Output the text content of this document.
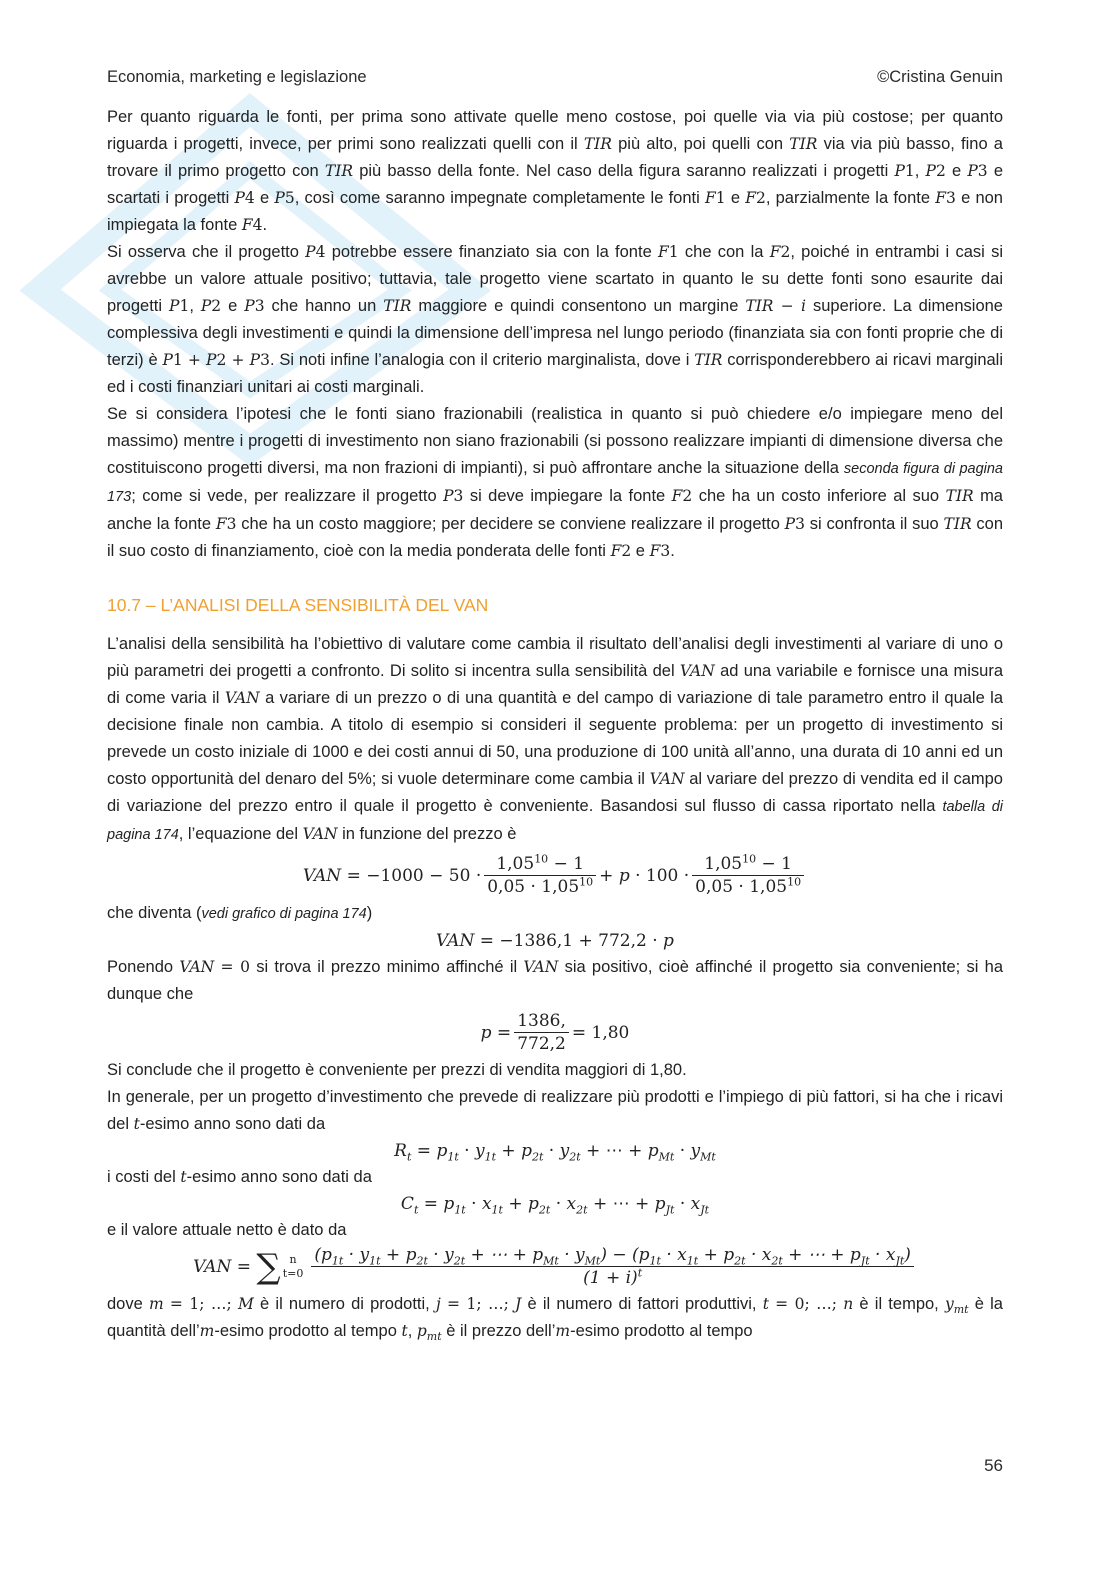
Economia, marketing e legislazione	©Cristina Genuin

Per quanto riguarda le fonti, per prima sono attivate quelle meno costose, poi quelle via via più costose; per quanto riguarda i progetti, invece, per primi sono realizzati quelli con il TIR più alto, poi quelli con TIR via via più basso, fino a trovare il primo progetto con TIR più basso della fonte. Nel caso della figura saranno realizzati i progetti P1, P2 e P3 e scartati i progetti P4 e P5, così come saranno impegnate completamente le fonti F1 e F2, parzialmente la fonte F3 e non impiegata la fonte F4.

Si osserva che il progetto P4 potrebbe essere finanziato sia con la fonte F1 che con la F2, poiché in entrambi i casi si avrebbe un valore attuale positivo; tuttavia, tale progetto viene scartato in quanto le su dette fonti sono esaurite dai progetti P1, P2 e P3 che hanno un TIR maggiore e quindi consentono un margine TIR − i superiore. La dimensione complessiva degli investimenti e quindi la dimensione dell’impresa nel lungo periodo (finanziata sia con fonti proprie che di terzi) è P1 + P2 + P3. Si noti infine l’analogia con il criterio marginalista, dove i TIR corrisponderebbero ai ricavi marginali ed i costi finanziari unitari ai costi marginali.

Se si considera l’ipotesi che le fonti siano frazionabili (realistica in quanto si può chiedere e/o impiegare meno del massimo) mentre i progetti di investimento non siano frazionabili (si possono realizzare impianti di dimensione diversa che costituiscono progetti diversi, ma non frazioni di impianti), si può affrontare anche la situazione della seconda figura di pagina 173; come si vede, per realizzare il progetto P3 si deve impiegare la fonte F2 che ha un costo inferiore al suo TIR ma anche la fonte F3 che ha un costo maggiore; per decidere se conviene realizzare il progetto P3 si confronta il suo TIR con il suo costo di finanziamento, cioè con la media ponderata delle fonti F2 e F3.

10.7 – L’ANALISI DELLA SENSIBILITÀ DEL VAN

L’analisi della sensibilità ha l’obiettivo di valutare come cambia il risultato dell’analisi degli investimenti al variare di uno o più parametri dei progetti a confronto. Di solito si incentra sulla sensibilità del VAN ad una variabile e fornisce una misura di come varia il VAN a variare di un prezzo o di una quantità e del campo di variazione di tale parametro entro il quale la decisione finale non cambia. A titolo di esempio si consideri il seguente problema: per un progetto di investimento si prevede un costo iniziale di 1000 e dei costi annui di 50, una produzione di 100 unità all’anno, una durata di 10 anni ed un costo opportunità del denaro del 5%; si vuole determinare come cambia il VAN al variare del prezzo di vendita ed il campo di variazione del prezzo entro il quale il progetto è conveniente. Basandosi sul flusso di cassa riportato nella tabella di pagina 174, l’equazione del VAN in funzione del prezzo è

VAN = $-1000 - 50 \cdot \frac{1,05^{10} - 1}{0,05 \cdot 1,05^{10}} + p \cdot 100 \cdot \frac{1,05^{10} - 1}{0,05 \cdot 1,05^{10}}$

che diventa (vedi grafico di pagina 174)

VAN = −1386,1 + 772,2 · p

Ponendo VAN = 0 si trova il prezzo minimo affinché il VAN sia positivo, cioè affinché il progetto sia conveniente; si ha dunque che

$p = \frac{1386,}{772,2} = 1,80$

Si conclude che il progetto è conveniente per prezzi di vendita maggiori di 1,80.

In generale, per un progetto d’investimento che prevede di realizzare più prodotti e l’impiego di più fattori, si ha che i ricavi del t-esimo anno sono dati da

$R_t = p_{1t} \cdot y_{1t} + p_{2t} \cdot y_{2t}$ + ⋯ + $p_{Mt} \cdot y_{Mt}$

i costi del t-esimo anno sono dati da

$C_t = p_{1t} \cdot x_{1t} + p_{2t} \cdot x_{2t}$ + ⋯ + $p_{Jt} \cdot x_{Jt}$

e il valore attuale netto è dato da

VAN = ∑ n
t=0
($p_{1t} \cdot y_{1t} + p_{2t} \cdot y_{2t}$ + ⋯ + $p_{Mt} \cdot y_{Mt}) - (p_{1t} \cdot x_{1t} + p_{2t} \cdot x_{2t}$ + ⋯ + $p_{Jt} \cdot x_{Jt}$)
$(1 + i)^t$

dove m = 1; …; M è il numero di prodotti, j = 1; …; J è il numero di fattori produttivi, t = 0; …; n è il tempo, $y_{mt}$ è la quantità dell’m-esimo prodotto al tempo t, $p_{mt}$ è il prezzo dell’m-esimo prodotto al tempo

56
